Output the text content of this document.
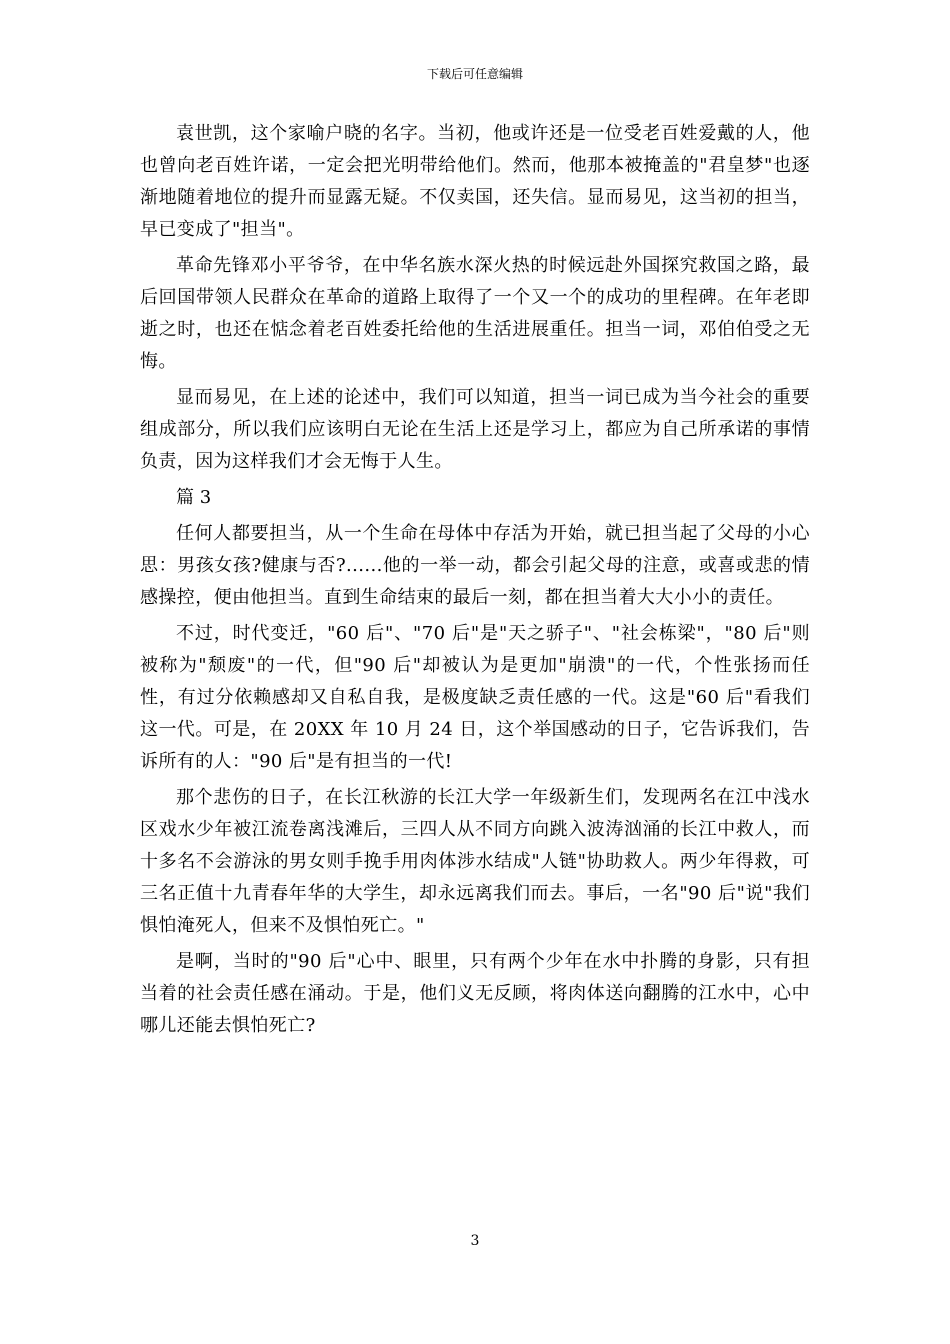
下载后可任意编辑

袁世凯，这个家喻户晓的名字。当初，他或许还是一位受老百姓爱戴的人，他也曾向老百姓许诺，一定会把光明带给他们。然而，他那本被掩盖的"君皇梦"也逐渐地随着地位的提升而显露无疑。不仅卖国，还失信。显而易见，这当初的担当，早已变成了"担当"。

革命先锋邓小平爷爷，在中华名族水深火热的时候远赴外国探究救国之路，最后回国带领人民群众在革命的道路上取得了一个又一个的成功的里程碑。在年老即逝之时，也还在惦念着老百姓委托给他的生活进展重任。担当一词，邓伯伯受之无悔。

显而易见，在上述的论述中，我们可以知道，担当一词已成为当今社会的重要组成部分，所以我们应该明白无论在生活上还是学习上，都应为自己所承诺的事情负责，因为这样我们才会无悔于人生。

篇 3

任何人都要担当，从一个生命在母体中存活为开始，就已担当起了父母的小心思：男孩女孩?健康与否?......他的一举一动，都会引起父母的注意，或喜或悲的情感操控，便由他担当。直到生命结束的最后一刻，都在担当着大大小小的责任。

不过，时代变迁，"60 后"、"70 后"是"天之骄子"、"社会栋梁"，"80 后"则被称为"颓废"的一代，但"90 后"却被认为是更加"崩溃"的一代，个性张扬而任性，有过分依赖感却又自私自我，是极度缺乏责任感的一代。这是"60 后"看我们这一代。可是，在 20XX 年 10 月 24 日，这个举国感动的日子，它告诉我们，告诉所有的人："90 后"是有担当的一代!

那个悲伤的日子，在长江秋游的长江大学一年级新生们，发现两名在江中浅水区戏水少年被江流卷离浅滩后，三四人从不同方向跳入波涛汹涌的长江中救人，而十多名不会游泳的男女则手挽手用肉体涉水结成"人链"协助救人。两少年得救，可三名正值十九青春年华的大学生，却永远离我们而去。事后，一名"90 后"说"我们惧怕淹死人，但来不及惧怕死亡。"

是啊，当时的"90 后"心中、眼里，只有两个少年在水中扑腾的身影，只有担当着的社会责任感在涌动。于是，他们义无反顾，将肉体送向翻腾的江水中，心中哪儿还能去惧怕死亡?

3
